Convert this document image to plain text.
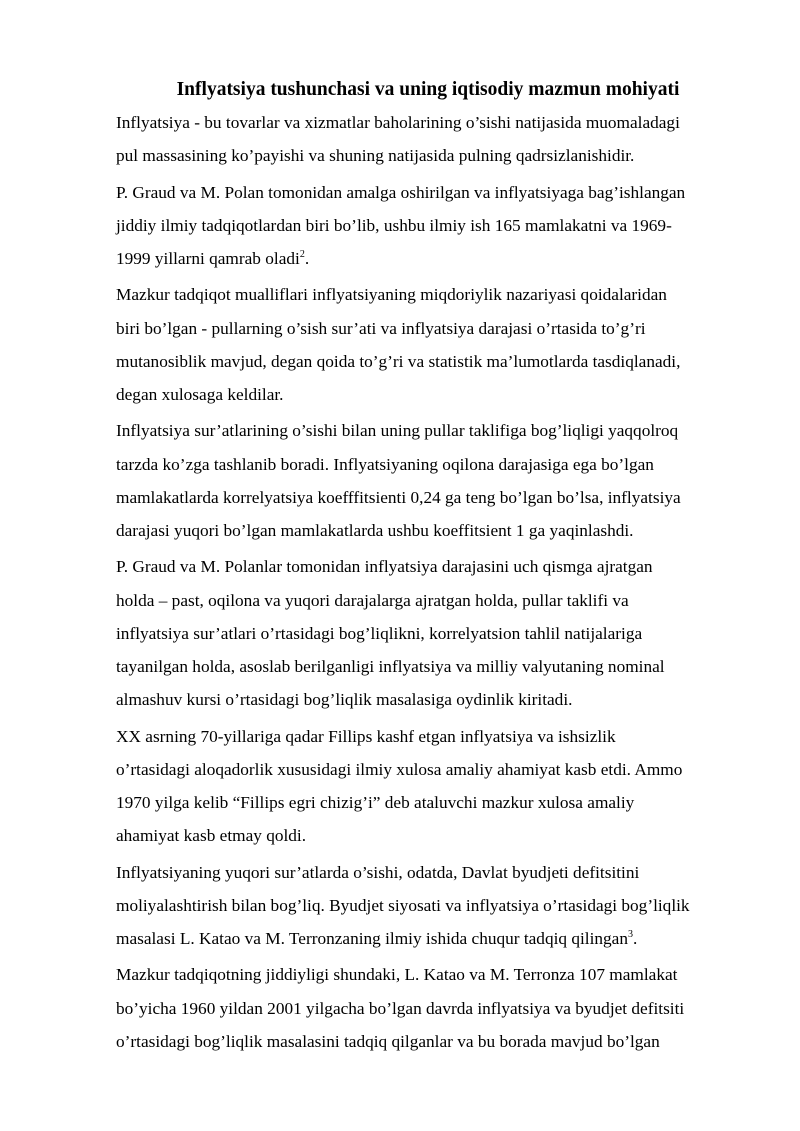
Inflyatsiya tushunchasi va uning iqtisodiy mazmun mohiyati

Inflyatsiya - bu tovarlar va xizmatlar baholarining o’sishi natijasida muomaladagi
pul massasining ko’payishi va shuning natijasida pulning qadrsizlanishidir.

P. Graud va M. Polan tomonidan amalga oshirilgan va inflyatsiyaga bag’ishlangan
jiddiy ilmiy tadqiqotlardan biri bo’lib, ushbu ilmiy ish 165 mamlakatni va 1969-
1999 yillarni qamrab oladi$^2$.

Mazkur tadqiqot mualliflari inflyatsiyaning miqdoriylik nazariyasi qoidalaridan
biri bo’lgan - pullarning o’sish sur’ati va inflyatsiya darajasi o’rtasida to’g’ri
mutanosiblik mavjud, degan qoida to’g’ri va statistik ma’lumotlarda tasdiqlanadi,
degan xulosaga keldilar.

Inflyatsiya sur’atlarining o’sishi bilan uning pullar taklifiga bog’liqligi yaqqolroq
tarzda ko’zga tashlanib boradi. Inflyatsiyaning oqilona darajasiga ega bo’lgan
mamlakatlarda korrelyatsiya koefffitsienti 0,24 ga teng bo’lgan bo’lsa, inflyatsiya
darajasi yuqori bo’lgan mamlakatlarda ushbu koeffitsient 1 ga yaqinlashdi.

P. Graud va M. Polanlar tomonidan inflyatsiya darajasini uch qismga ajratgan
holda – past, oqilona va yuqori darajalarga ajratgan holda, pullar taklifi va
inflyatsiya sur’atlari o’rtasidagi bog’liqlikni, korrelyatsion tahlil natijalariga
tayanilgan holda, asoslab berilganligi inflyatsiya va milliy valyutaning nominal
almashuv kursi o’rtasidagi bog’liqlik masalasiga oydinlik kiritadi.

XX asrning 70-yillariga qadar Fillips kashf etgan inflyatsiya va ishsizlik
o’rtasidagi aloqadorlik xususidagi ilmiy xulosa amaliy ahamiyat kasb etdi. Ammo
1970 yilga kelib “Fillips egri chizig’i” deb ataluvchi mazkur xulosa amaliy
ahamiyat kasb etmay qoldi.

Inflyatsiyaning yuqori sur’atlarda o’sishi, odatda, Davlat byudjeti defitsitini
moliyalashtirish bilan bog’liq. Byudjet siyosati va inflyatsiya o’rtasidagi bog’liqlik
masalasi L. Katao va M. Terronzaning ilmiy ishida chuqur tadqiq qilingan$^3$.

Mazkur tadqiqotning jiddiyligi shundaki, L. Katao va M. Terronza 107 mamlakat
bo’yicha 1960 yildan 2001 yilgacha bo’lgan davrda inflyatsiya va byudjet defitsiti
o’rtasidagi bog’liqlik masalasini tadqiq qilganlar va bu borada mavjud bo’lgan
